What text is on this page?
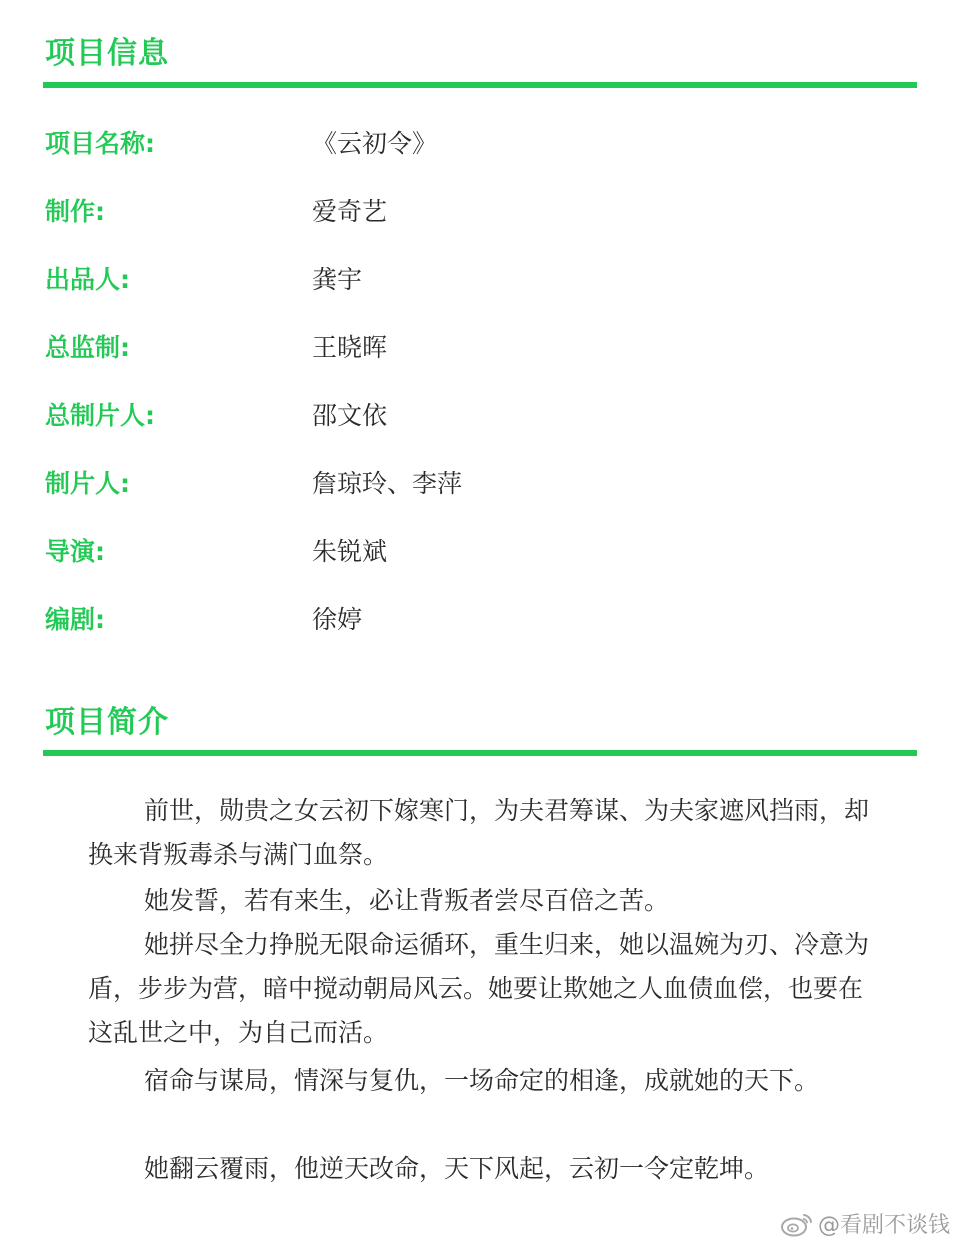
项目信息
项目名称:	《云初令》
制作:	爱奇艺
出品人:	龚宇
总监制:	王晓晖
总制片人:	邵文依
制片人:	詹琼玲、李萍
导演:	朱锐斌
编剧:	徐婷
项目简介

前世，勋贵之女云初下嫁寒门，为夫君筹谋、为夫家遮风挡雨，却换来背叛毒杀与满门血祭。

她发誓，若有来生，必让背叛者尝尽百倍之苦。

她拼尽全力挣脱无限命运循环，重生归来，她以温婉为刃、冷意为盾，步步为营，暗中搅动朝局风云。她要让欺她之人血债血偿，也要在这乱世之中，为自己而活。

宿命与谋局，情深与复仇，一场命定的相逢，成就她的天下。

她翻云覆雨，他逆天改命，天下风起，云初一令定乾坤。

@看剧不谈钱
